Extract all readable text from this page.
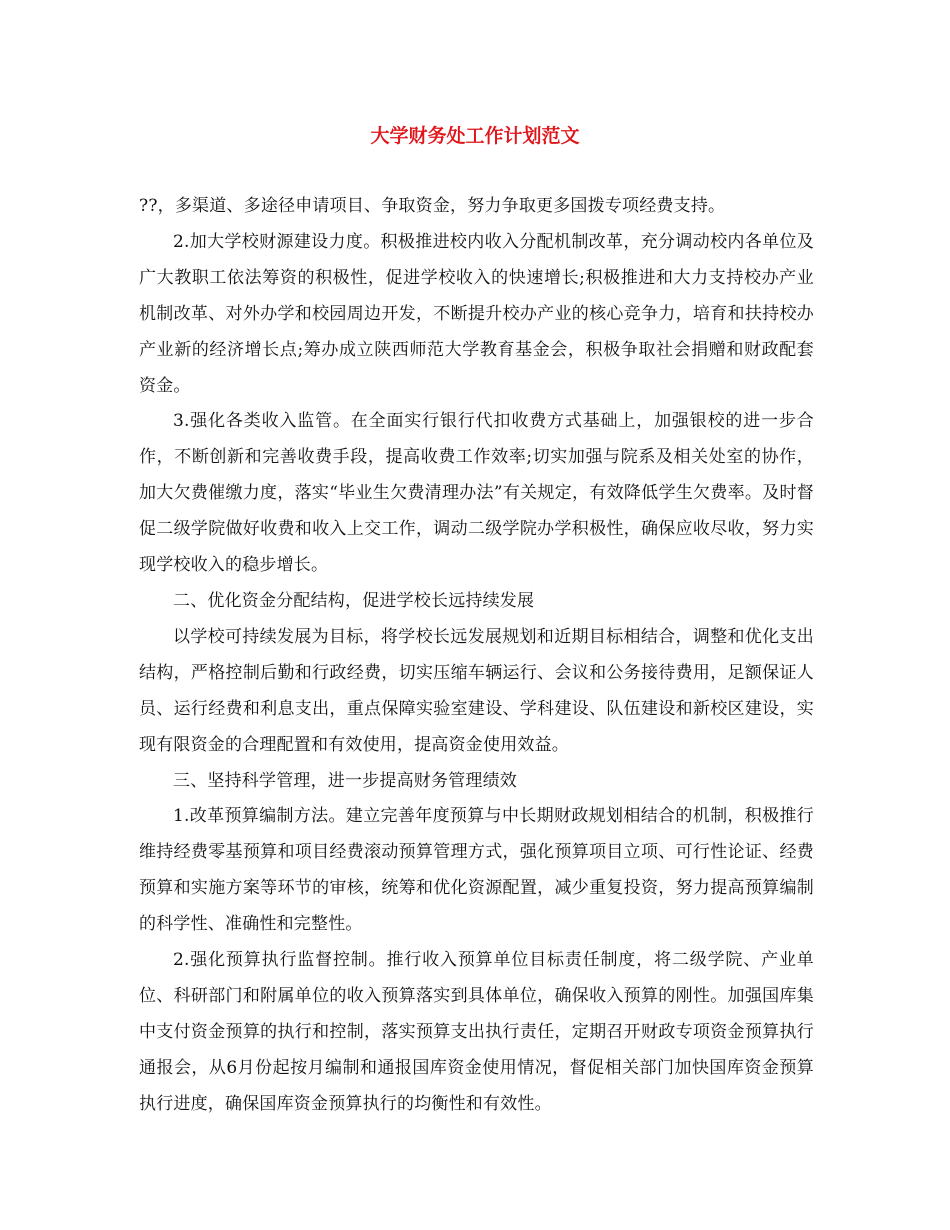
大学财务处工作计划范文

??，多渠道、多途径申请项目、争取资金，努力争取更多国拨专项经费支持。

2.加大学校财源建设力度。积极推进校内收入分配机制改革，充分调动校内各单位及广大教职工依法筹资的积极性，促进学校收入的快速增长;积极推进和大力支持校办产业机制改革、对外办学和校园周边开发，不断提升校办产业的核心竞争力，培育和扶持校办产业新的经济增长点;筹办成立陕西师范大学教育基金会，积极争取社会捐赠和财政配套资金。

3.强化各类收入监管。在全面实行银行代扣收费方式基础上，加强银校的进一步合作，不断创新和完善收费手段，提高收费工作效率;切实加强与院系及相关处室的协作，加大欠费催缴力度，落实“毕业生欠费清理办法”有关规定，有效降低学生欠费率。及时督促二级学院做好收费和收入上交工作，调动二级学院办学积极性，确保应收尽收，努力实现学校收入的稳步增长。

二、优化资金分配结构，促进学校长远持续发展

以学校可持续发展为目标，将学校长远发展规划和近期目标相结合，调整和优化支出结构，严格控制后勤和行政经费，切实压缩车辆运行、会议和公务接待费用，足额保证人员、运行经费和利息支出，重点保障实验室建设、学科建设、队伍建设和新校区建设，实现有限资金的合理配置和有效使用，提高资金使用效益。

三、坚持科学管理，进一步提高财务管理绩效

1.改革预算编制方法。建立完善年度预算与中长期财政规划相结合的机制，积极推行维持经费零基预算和项目经费滚动预算管理方式，强化预算项目立项、可行性论证、经费预算和实施方案等环节的审核，统筹和优化资源配置，减少重复投资，努力提高预算编制的科学性、准确性和完整性。

2.强化预算执行监督控制。推行收入预算单位目标责任制度，将二级学院、产业单位、科研部门和附属单位的收入预算落实到具体单位，确保收入预算的刚性。加强国库集中支付资金预算的执行和控制，落实预算支出执行责任，定期召开财政专项资金预算执行通报会，从6月份起按月编制和通报国库资金使用情况，督促相关部门加快国库资金预算执行进度，确保国库资金预算执行的均衡性和有效性。
